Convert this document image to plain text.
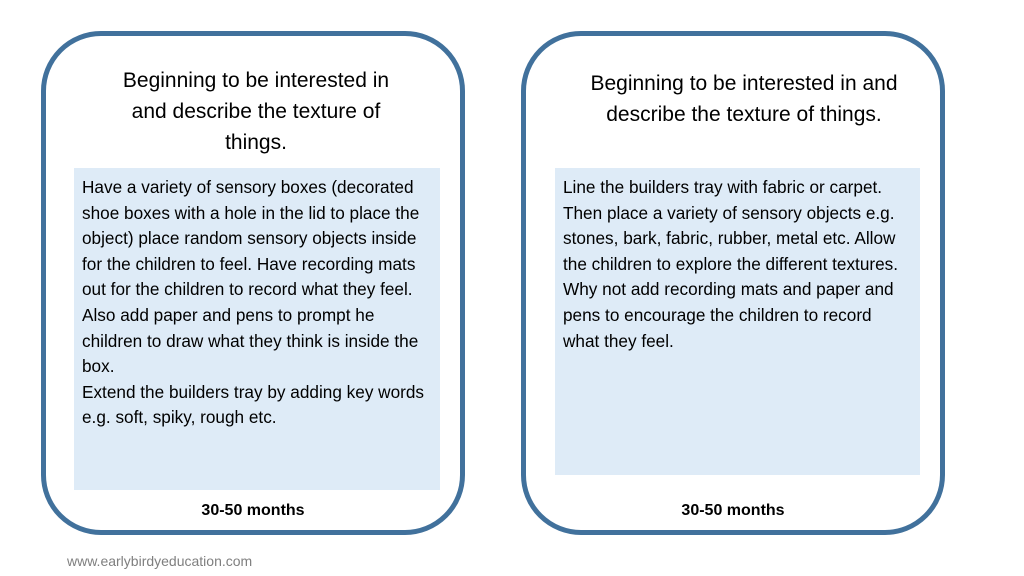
Beginning to be interested in and describe the texture of things.

Have a variety of sensory boxes (decorated shoe boxes with a hole in the lid to place the object) place random sensory objects inside for the children to feel. Have recording mats out for the children to record what they feel. Also add paper and pens to prompt he children to draw what they think is inside the box.

Extend the builders tray by adding key words e.g. soft, spiky, rough etc.

30-50 months
Beginning to be interested in and describe the texture of things.

Line the builders tray with fabric or carpet. Then place a variety of sensory objects e.g. stones, bark, fabric, rubber, metal etc. Allow the children to explore the different textures.

Why not add recording mats and paper and pens to encourage the children to record what they feel.

30-50 months
www.earlybirdyeducation.com
